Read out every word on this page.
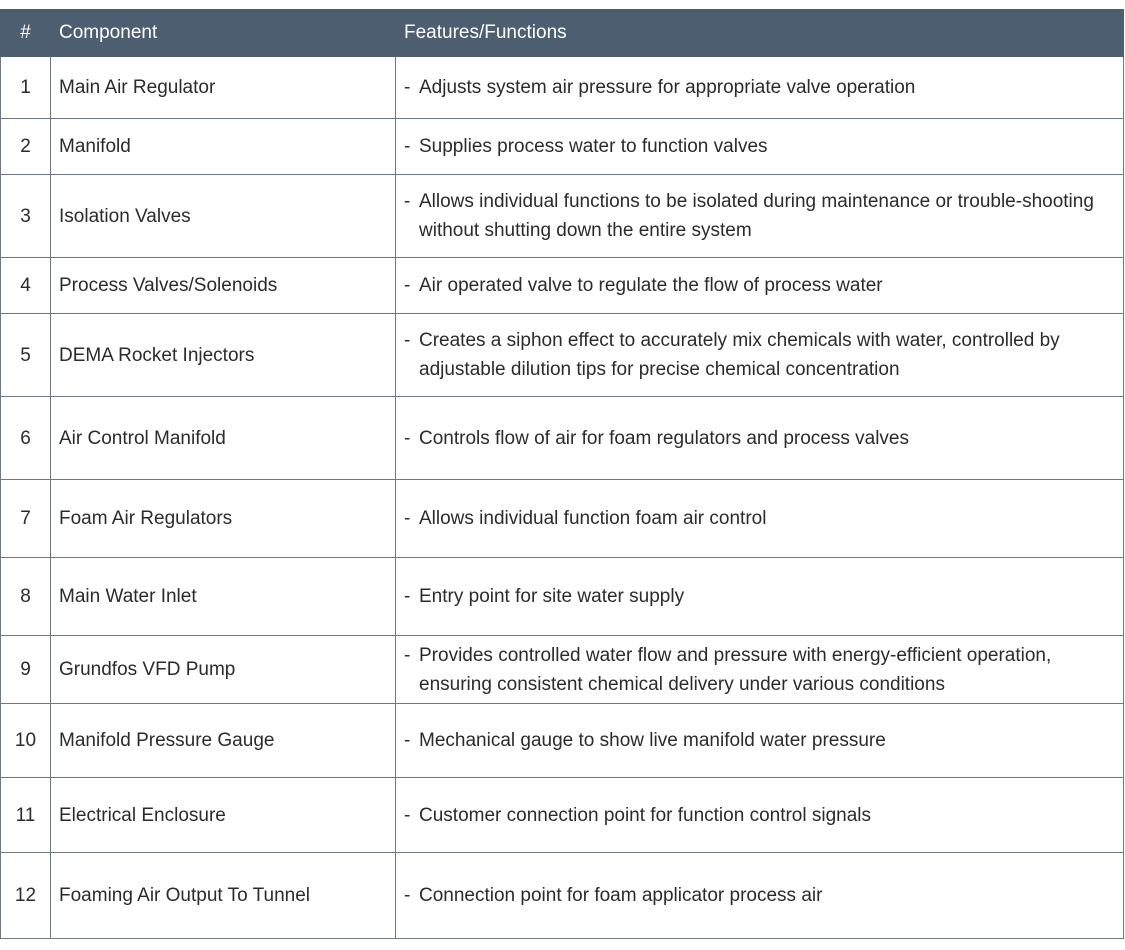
#	Component	Features/Functions
1	Main Air Regulator	- Adjusts system air pressure for appropriate valve operation

2	Manifold	- Supplies process water to function valves

3	Isolation Valves	- Allows individual functions to be isolated during maintenance or trouble-shooting without shutting down the entire system

4	Process Valves/Solenoids	- Air operated valve to regulate the flow of process water

5	DEMA Rocket Injectors	- Creates a siphon effect to accurately mix chemicals with water, controlled by adjustable dilution tips for precise chemical concentration

6	Air Control Manifold	- Controls flow of air for foam regulators and process valves

7	Foam Air Regulators	- Allows individual function foam air control

8	Main Water Inlet	- Entry point for site water supply

9	Grundfos VFD Pump	- Provides controlled water flow and pressure with energy-efficient operation, ensuring consistent chemical delivery under various conditions

10	Manifold Pressure Gauge	- Mechanical gauge to show live manifold water pressure

11	Electrical Enclosure	- Customer connection point for function control signals

12	Foaming Air Output To Tunnel	- Connection point for foam applicator process air
